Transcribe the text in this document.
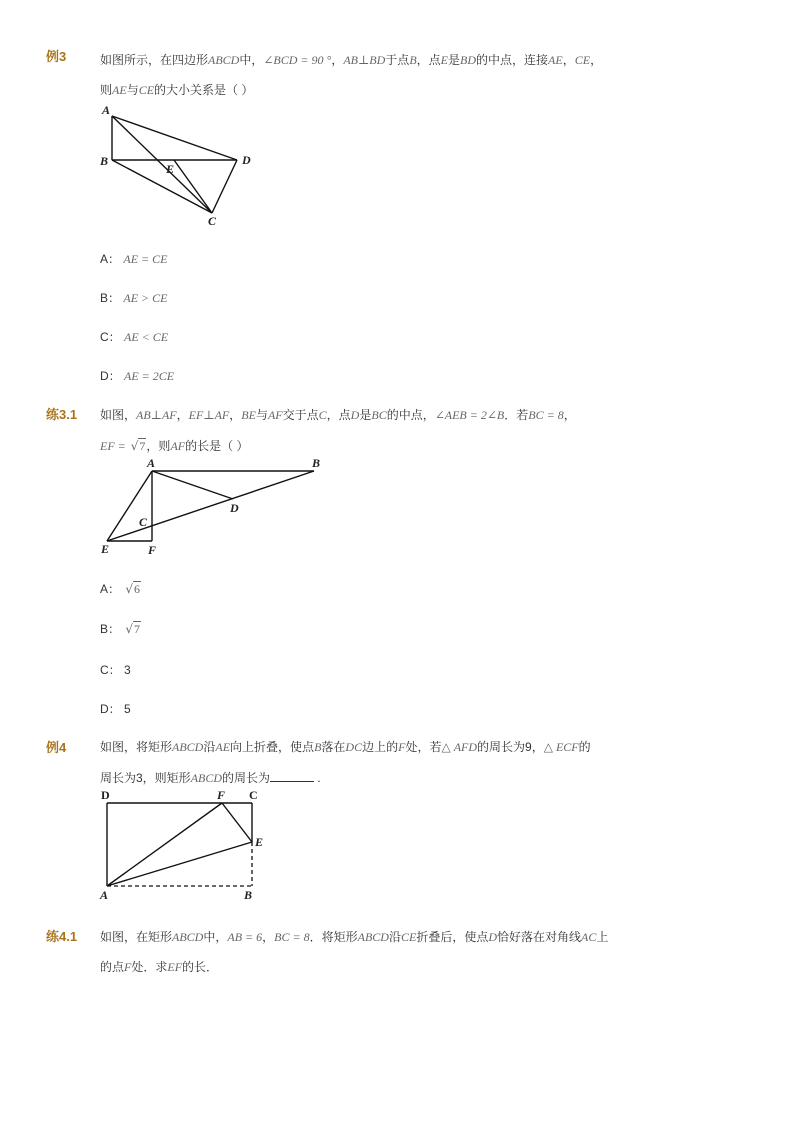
例3	如图所示，在四边形ABCD中，∠BCD = 90 °，AB⊥BD于点B，点E是BD的中点，连接AE，CE，
则AE与CE的大小关系是（ ）
A
B	D
E
C
A： AE = CE
B： AE > CE
C： AE < CE
D： AE = 2CE
练3.1 如图，AB⊥AF，EF⊥AF，BE与AF交于点C，点D是BC的中点，∠AEB = 2∠B．若BC = 8，
EF = √7，则AF的长是（ ）
A	B
C
D
E	F
A： √6
B： √7
C： 3
D： 5
例4	如图，将矩形ABCD沿AE向上折叠，使点B落在DC边上的F处，若△ AFD的周长为9，△ ECF的
周长为3，则矩形ABCD的周长为	.
D	F C
E
A	B
练4.1 如图，在矩形ABCD中，AB = 6，BC = 8．将矩形ABCD沿CE折叠后，使点D恰好落在对角线AC上
的点F处．求EF的长．
